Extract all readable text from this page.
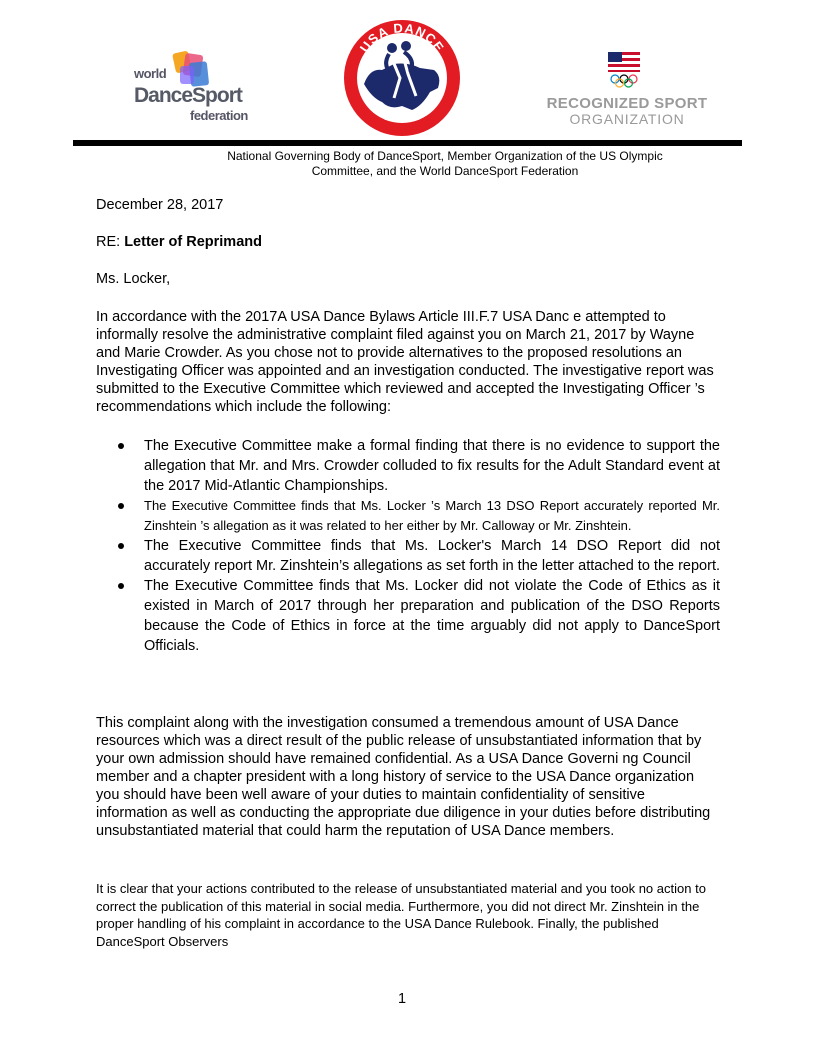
world
DanceSport
federation
USA DANCE
RECOGNIZED SPORT
ORGANIZATION
National Governing Body of DanceSport, Member Organization of the US Olympic
Committee, and the World DanceSport Federation
December 28, 2017
RE: Letter of Reprimand
Ms. Locker,
In accordance with the 2017A USA Dance Bylaws Article III.F.7 USA Danc e attempted to informally resolve the administrative complaint filed against you on March 21, 2017 by Wayne and Marie Crowder. As you chose not to provide alternatives to the proposed resolutions an Investigating Officer was appointed and an investigation conducted. The investigative report was submitted to the Executive Committee which reviewed and accepted the Investigating Officer ’s recommendations which include the following:
The Executive Committee make a formal finding that there is no evidence to support the allegation that Mr. and Mrs. Crowder colluded to fix results for the Adult Standard event at the 2017 Mid-Atlantic Championships.
The Executive Committee finds that Ms. Locker ’s March 13 DSO Report accurately reported Mr. Zinshtein ’s allegation as it was related to her either by Mr. Calloway or Mr. Zinshtein.
The Executive Committee finds that Ms. Locker's March 14 DSO Report did not accurately report Mr. Zinshtein’s allegations as set forth in the letter attached to the report.
The Executive Committee finds that Ms. Locker did not violate the Code of Ethics as it existed in March of 2017 through her preparation and publication of the DSO Reports because the Code of Ethics in force at the time arguably did not apply to DanceSport Officials.
This complaint along with the investigation consumed a tremendous amount of USA Dance resources which was a direct result of the public release of unsubstantiated information that by your own admission should have remained confidential. As a USA Dance Governi ng Council member and a chapter president with a long history of service to the USA Dance organization you should have been well aware of your duties to maintain confidentiality of sensitive information as well as conducting the appropriate due diligence in your duties before distributing unsubstantiated material that could harm the reputation of USA Dance members.
It is clear that your actions contributed to the release of unsubstantiated material and you took no action to correct the publication of this material in social media. Furthermore, you did not direct Mr. Zinshtein in the proper handling of his complaint in accordance to the USA Dance Rulebook. Finally, the published DanceSport Observers
1
